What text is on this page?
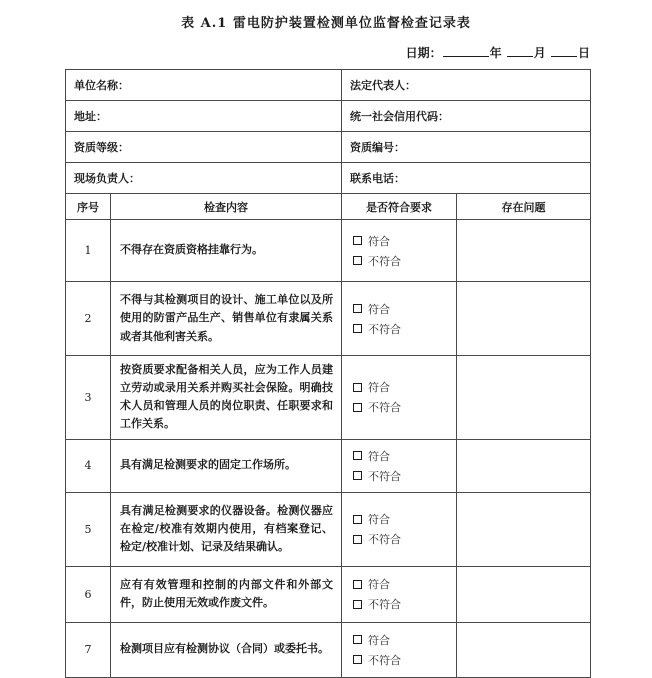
表 A.1 雷电防护装置检测单位监督检查记录表
日期：	年	月	日
单位名称：		法定代表人：	
地址：		统一社会信用代码：	
资质等级：		资质编号：	
现场负责人：		联系电话：	
序号	检查内容	是否符合要求	存在问题
1	不得存在资质资格挂靠行为。	符合
不符合	

2	不得与其检测项目的设计、施工单位以及所使用的防雷产品生产、销售单位有隶属关系或者其他利害关系。	符合
不符合	

3	按资质要求配备相关人员，应为工作人员建立劳动或录用关系并购买社会保险。明确技术人员和管理人员的岗位职责、任职要求和工作关系。	符合
不符合	

4	具有满足检测要求的固定工作场所。	符合
不符合	

5	具有满足检测要求的仪器设备。检测仪器应在检定/校准有效期内使用，有档案登记、检定/校准计划、记录及结果确认。	符合
不符合	

6	应有有效管理和控制的内部文件和外部文件，防止使用无效或作废文件。	符合
不符合	

7	检测项目应有检测协议（合同）或委托书。	符合
不符合	
